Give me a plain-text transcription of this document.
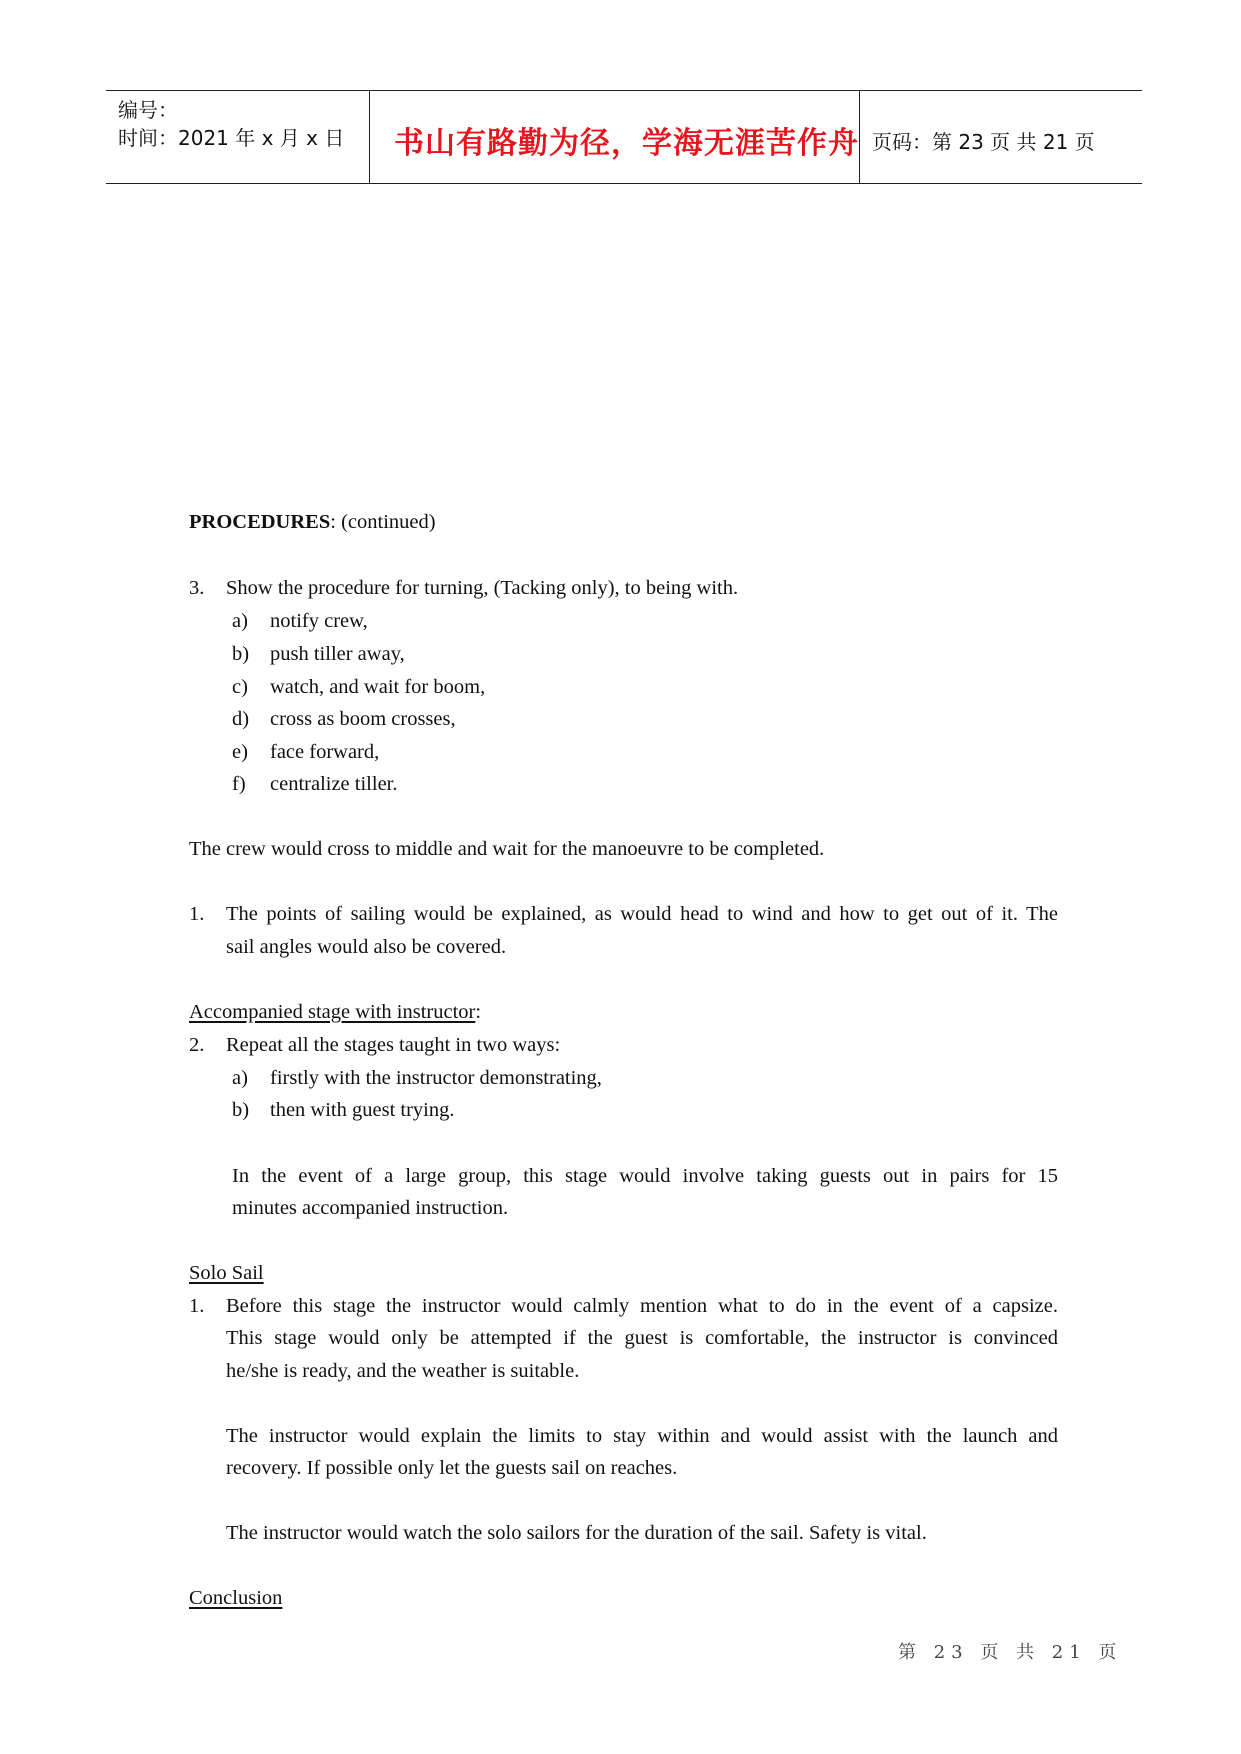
编号：
时间：2021 年 x 月 x 日 书山有路勤为径，学海无涯苦作舟 页码：第 23 页 共 21 页
PROCEDURES: (continued)
3. Show the procedure for turning, (Tacking only), to being with.
a) notify crew,
b) push tiller away,
c) watch, and wait for boom,
d) cross as boom crosses,
e) face forward,
f) centralize tiller.
The crew would cross to middle and wait for the manoeuvre to be completed.
1. The points of sailing would be explained, as would head to wind and how to get out of it. The
sail angles would also be covered.
Accompanied stage with instructor:
2. Repeat all the stages taught in two ways:
a) firstly with the instructor demonstrating,
b) then with guest trying.
In the event of a large group, this stage would involve taking guests out in pairs for 15
minutes accompanied instruction.
Solo Sail
1. Before this stage the instructor would calmly mention what to do in the event of a capsize.
This stage would only be attempted if the guest is comfortable, the instructor is convinced
he/she is ready, and the weather is suitable.
The instructor would explain the limits to stay within and would assist with the launch and
recovery. If possible only let the guests sail on reaches.
The instructor would watch the solo sailors for the duration of the sail. Safety is vital.
Conclusion
第 23 页 共 21 页
